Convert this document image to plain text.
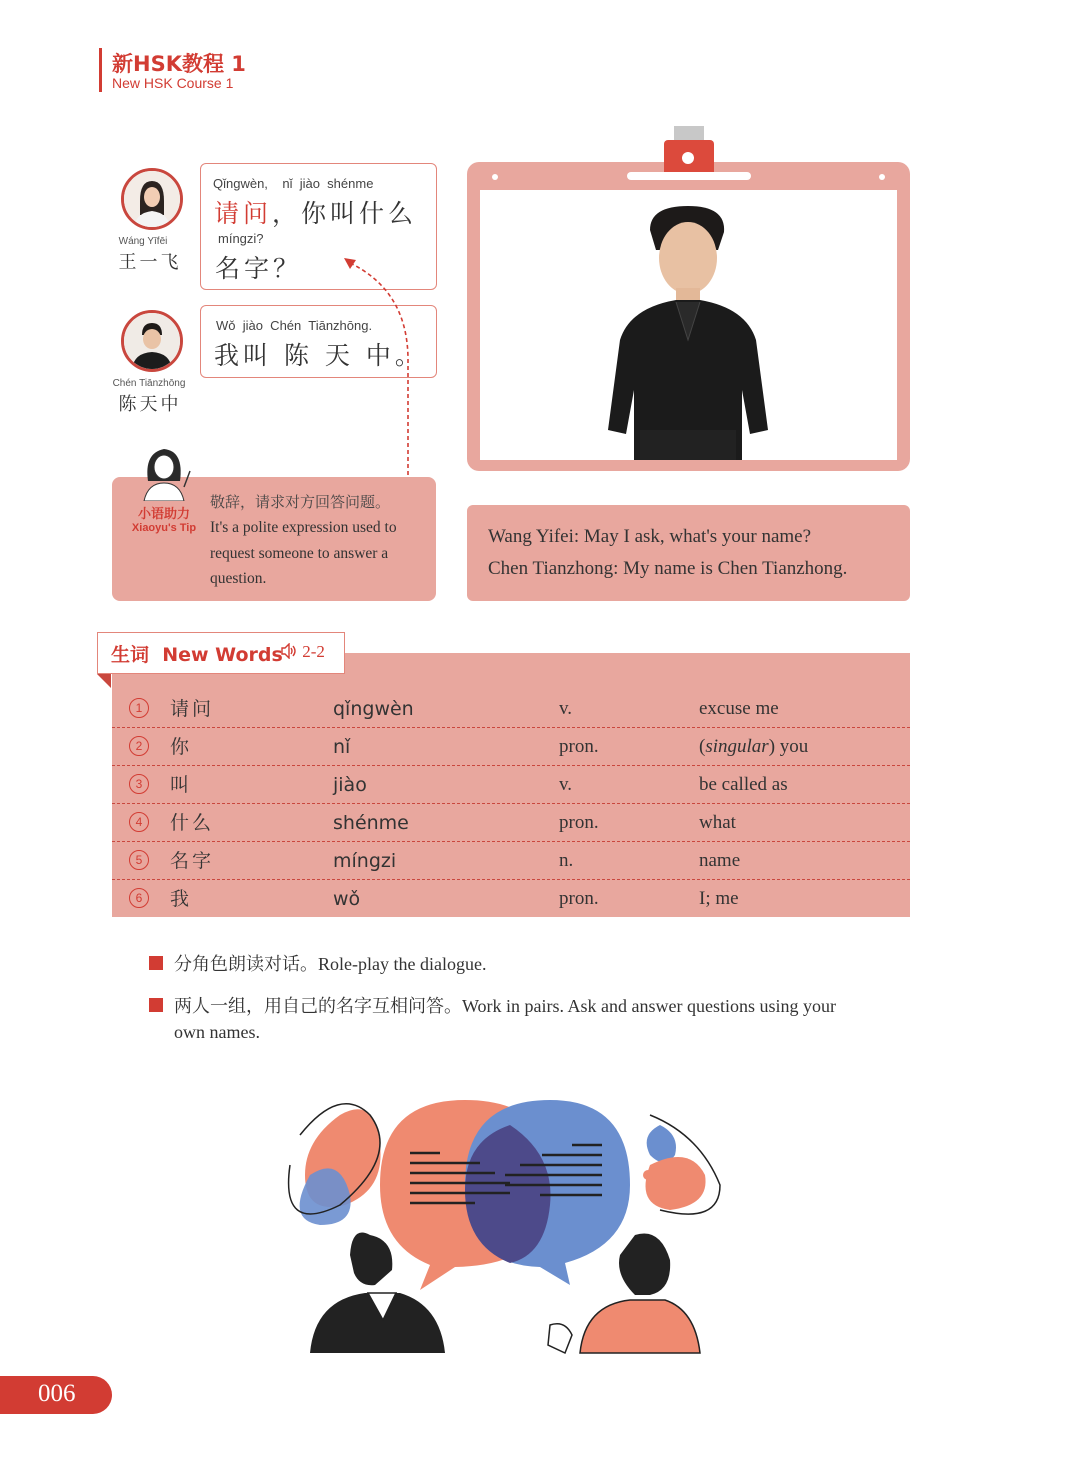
新HSK教程 1
New HSK Course 1
Wáng Yīfēi
王一飞
Qǐngwèn,    nǐ  jiào  shénme
请问，你叫什么
míngzi?
名字？
Chén Tiānzhōng
陈天中
Wǒ  jiào  Chén  Tiānzhōng.
我叫 陈 天 中。
小语助力
Xiaoyu's Tip
敬辞，请求对方回答问题。
It's a polite expression used to request someone to answer a question.
Wang Yifei: May I ask, what's your name?
Chen Tianzhong: My name is Chen Tianzhong.
生词  New Words	2-2
1	请问	qǐngwèn	v.	excuse me
2	你	nǐ	pron.	(singular) you
3	叫	jiào	v.	be called as
4	什么	shénme	pron.	what
5	名字	míngzi	n.	name
6	我	wǒ	pron.	I; me
分角色朗读对话。Role-play the dialogue.
两人一组，用自己的名字互相问答。Work in pairs. Ask and answer questions using your
own names.
006
